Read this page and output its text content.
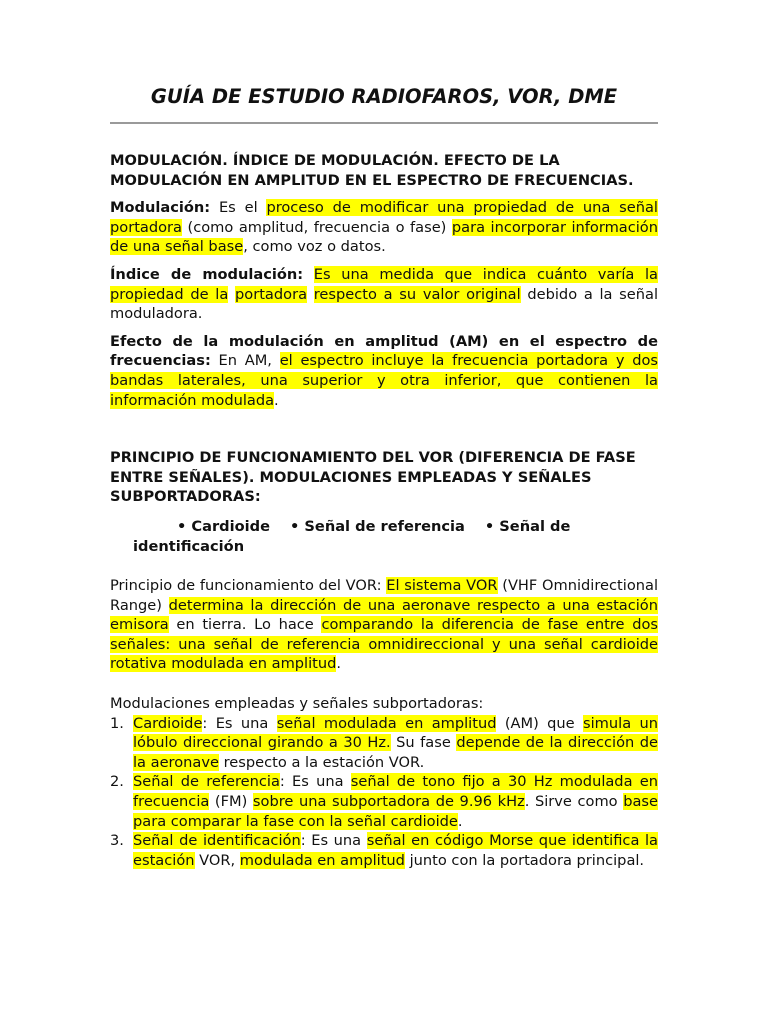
GUÍA DE ESTUDIO RADIOFAROS, VOR, DME
MODULACIÓN. ÍNDICE DE MODULACIÓN. EFECTO DE LA MODULACIÓN EN AMPLITUD EN EL ESPECTRO DE FRECUENCIAS.

Modulación: Es el proceso de modificar una propiedad de una señal portadora (como amplitud, frecuencia o fase) para incorporar información de una señal base, como voz o datos.

Índice de modulación: Es una medida que indica cuánto varía la propiedad de la portadora respecto a su valor original debido a la señal moduladora.

Efecto de la modulación en amplitud (AM) en el espectro de frecuencias: En AM, el espectro incluye la frecuencia portadora y dos bandas laterales, una superior y otra inferior, que contienen la información modulada.

PRINCIPIO DE FUNCIONAMIENTO DEL VOR (DIFERENCIA DE FASE ENTRE SEÑALES). MODULACIONES EMPLEADAS Y SEÑALES SUBPORTADORAS:
• Cardioide • Señal de referencia • Señal de identificación

Principio de funcionamiento del VOR: El sistema VOR (VHF Omnidirectional Range) determina la dirección de una aeronave respecto a una estación emisora en tierra. Lo hace comparando la diferencia de fase entre dos señales: una señal de referencia omnidireccional y una señal cardioide rotativa modulada en amplitud.

Modulaciones empleadas y señales subportadoras:
1. Cardioide: Es una señal modulada en amplitud (AM) que simula un lóbulo direccional girando a 30 Hz. Su fase depende de la dirección de la aeronave respecto a la estación VOR.
2. Señal de referencia: Es una señal de tono fijo a 30 Hz modulada en frecuencia (FM) sobre una subportadora de 9.96 kHz. Sirve como base para comparar la fase con la señal cardioide.
3. Señal de identificación: Es una señal en código Morse que identifica la estación VOR, modulada en amplitud junto con la portadora principal.
